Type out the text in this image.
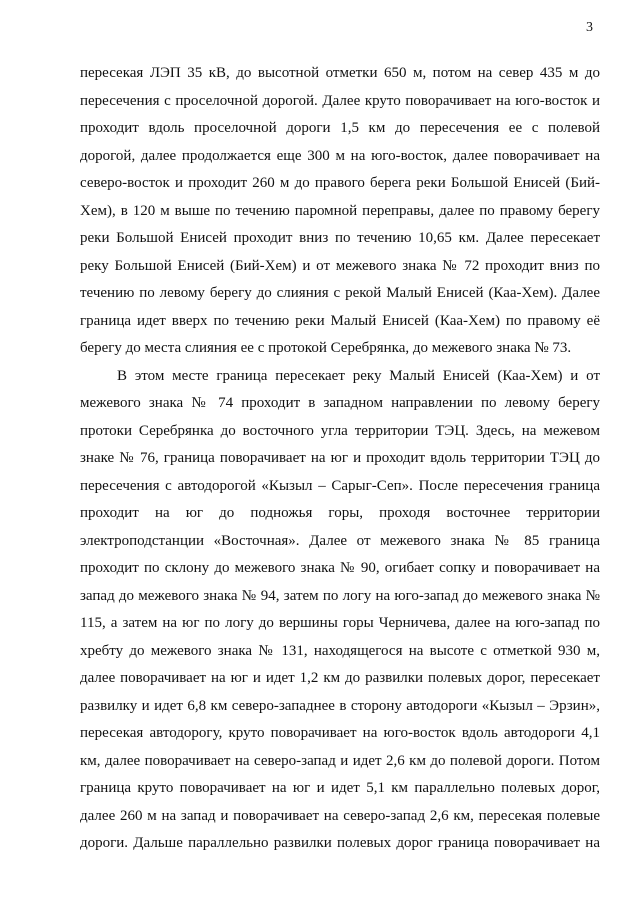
3
пересекая ЛЭП 35 кВ, до высотной отметки 650 м, потом на север 435 м до
пересечения с проселочной дорогой. Далее круто поворачивает на юго-восток и
проходит вдоль проселочной дороги 1,5 км до пересечения ее с полевой
дорогой, далее продолжается еще 300 м на юго-восток, далее поворачивает на
северо-восток и проходит 260 м до правого берега реки Большой Енисей (Бий-
Хем), в 120 м выше по течению паромной переправы, далее по правому берегу
реки Большой Енисей проходит вниз по течению 10,65 км. Далее пересекает
реку Большой Енисей (Бий-Хем) и от межевого знака № 72 проходит вниз по
течению по левому берегу до слияния с рекой Малый Енисей (Каа-Хем). Далее
граница идет вверх по течению реки Малый Енисей (Каа-Хем) по правому её
берегу до места слияния ее с протокой Серебрянка, до межевого знака № 73.
В этом месте граница пересекает реку Малый Енисей (Каа-Хем) и от
межевого знака № 74 проходит в западном направлении по левому берегу
протоки Серебрянка до восточного угла территории ТЭЦ. Здесь, на межевом
знаке № 76, граница поворачивает на юг и проходит вдоль территории ТЭЦ до
пересечения с автодорогой «Кызыл – Сарыг-Сеп». После пересечения граница
проходит на юг до подножья горы, проходя восточнее территории
электроподстанции «Восточная». Далее от межевого знака № 85 граница
проходит по склону до межевого знака № 90, огибает сопку и поворачивает на
запад до межевого знака № 94, затем по логу на юго-запад до межевого знака №
115, а затем на юг по логу до вершины горы Черничева, далее на юго-запад по
хребту до межевого знака № 131, находящегося на высоте с отметкой 930 м,
далее поворачивает на юг и идет 1,2 км до развилки полевых дорог, пересекает
развилку и идет 6,8 км северо-западнее в сторону автодороги «Кызыл – Эрзин»,
пересекая автодорогу, круто поворачивает на юго-восток вдоль автодороги 4,1
км, далее поворачивает на северо-запад и идет 2,6 км до полевой дороги. Потом
граница круто поворачивает на юг и идет 5,1 км параллельно полевых дорог,
далее 260 м на запад и поворачивает на северо-запад 2,6 км, пересекая полевые
дороги. Дальше параллельно развилки полевых дорог граница поворачивает на
